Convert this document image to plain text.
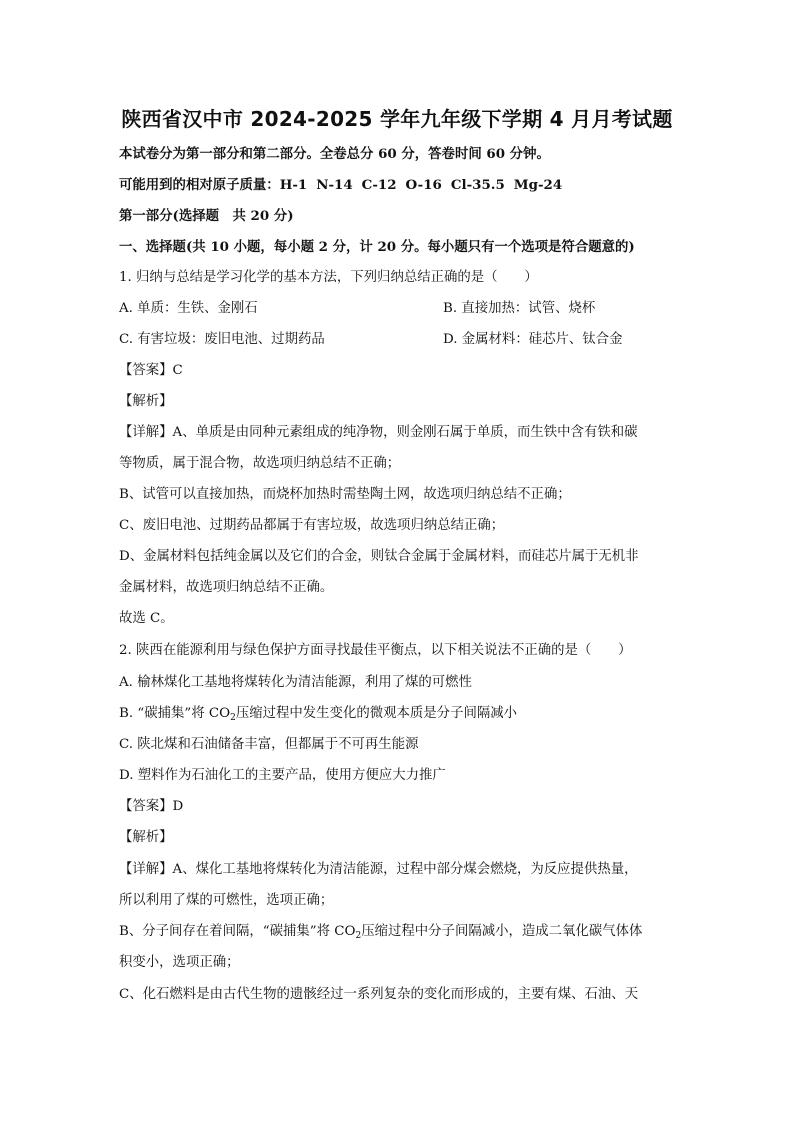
陕西省汉中市 2024-2025 学年九年级下学期 4 月月考试题
本试卷分为第一部分和第二部分。全卷总分 60 分，答卷时间 60 分钟。
可能用到的相对原子质量：H-1 N-14 C-12 O-16 Cl-35.5 Mg-24
第一部分(选择题　共 20 分)
一、选择题(共 10 小题，每小题 2 分，计 20 分。每小题只有一个选项是符合题意的)
1. 归纳与总结是学习化学的基本方法，下列归纳总结正确的是（　　）
A. 单质：生铁、金刚石	B. 直接加热：试管、烧杯
C. 有害垃圾：废旧电池、过期药品	D. 金属材料：硅芯片、钛合金
【答案】C
【解析】
【详解】A、单质是由同种元素组成的纯净物，则金刚石属于单质，而生铁中含有铁和碳
等物质，属于混合物，故选项归纳总结不正确；
B、试管可以直接加热，而烧杯加热时需垫陶土网，故选项归纳总结不正确；
C、废旧电池、过期药品都属于有害垃圾，故选项归纳总结正确；
D、金属材料包括纯金属以及它们的合金，则钛合金属于金属材料，而硅芯片属于无机非
金属材料，故选项归纳总结不正确。
故选 C。
2. 陕西在能源利用与绿色保护方面寻找最佳平衡点，以下相关说法不正确的是（　　）
A. 榆林煤化工基地将煤转化为清洁能源，利用了煤的可燃性
B. “碳捕集”将 $CO_2$压缩过程中发生变化的微观本质是分子间隔减小
C. 陕北煤和石油储备丰富，但都属于不可再生能源
D. 塑料作为石油化工的主要产品，使用方便应大力推广
【答案】D
【解析】
【详解】A、煤化工基地将煤转化为清洁能源，过程中部分煤会燃烧，为反应提供热量，
所以利用了煤的可燃性，选项正确；
B、分子间存在着间隔，“碳捕集”将 $CO_2$压缩过程中分子间隔减小，造成二氧化碳气体体
积变小，选项正确；
C、化石燃料是由古代生物的遗骸经过一系列复杂的变化而形成的，主要有煤、石油、天
